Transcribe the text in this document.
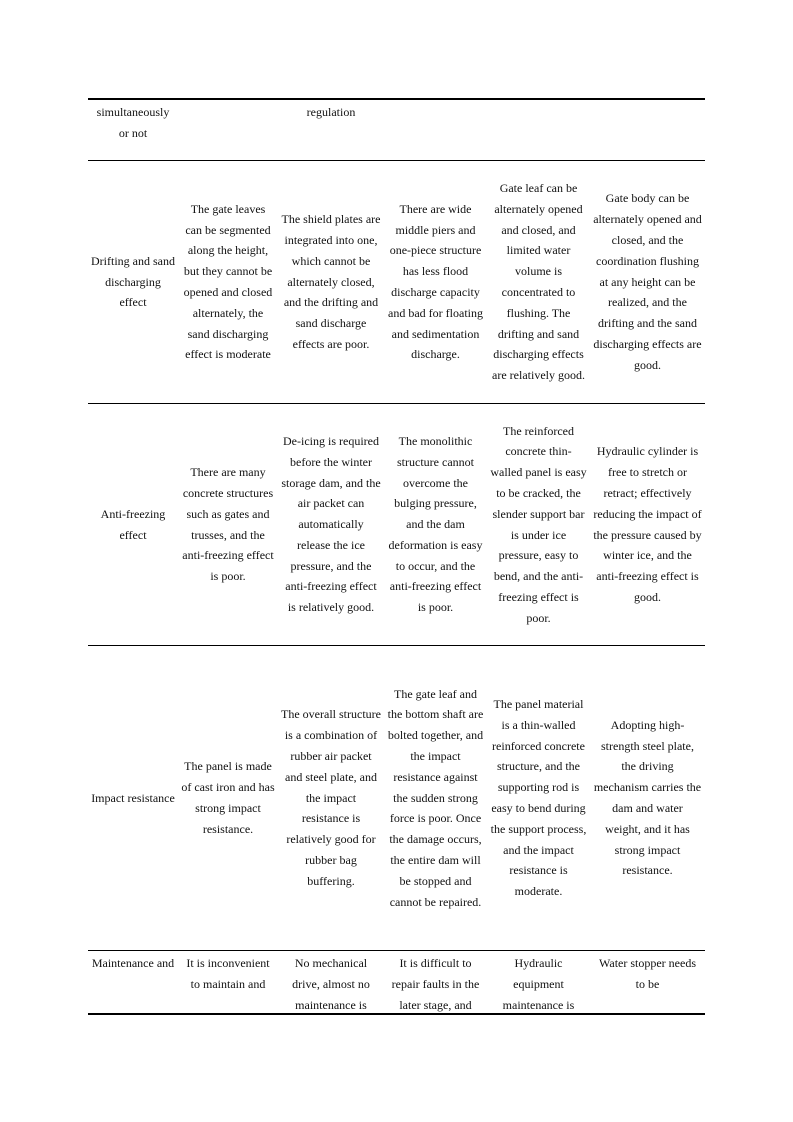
simultaneously or not
regulation
Drifting and sand discharging effect
The gate leaves can be segmented along the height, but they cannot be opened and closed alternately, the sand discharging effect is moderate
The shield plates are integrated into one, which cannot be alternately closed, and the drifting and sand discharge effects are poor.
There are wide middle piers and one-piece structure has less flood discharge capacity and bad for floating and sedimentation discharge.
Gate leaf can be alternately opened and closed, and limited water volume is concentrated to flushing. The drifting and sand discharging effects are relatively good.
Gate body can be alternately opened and closed, and the coordination flushing at any height can be realized, and the drifting and the sand discharging effects are good.
Anti-freezing effect
There are many concrete structures such as gates and trusses, and the anti-freezing effect is poor.
De-icing is required before the winter storage dam, and the air packet can automatically release the ice pressure, and the anti-freezing effect is relatively good.
The monolithic structure cannot overcome the bulging pressure, and the dam deformation is easy to occur, and the anti-freezing effect is poor.
The reinforced concrete thin-walled panel is easy to be cracked, the slender support bar is under ice pressure, easy to bend, and the anti-freezing effect is poor.
Hydraulic cylinder is free to stretch or retract; effectively reducing the impact of the pressure caused by winter ice, and the anti-freezing effect is good.
Impact resistance
The panel is made of cast iron and has strong impact resistance.
The overall structure is a combination of rubber air packet and steel plate, and the impact resistance is relatively good for rubber bag buffering.
The gate leaf and the bottom shaft are bolted together, and the impact resistance against the sudden strong force is poor. Once the damage occurs, the entire dam will be stopped and cannot be repaired.
The panel material is a thin-walled reinforced concrete structure, and the supporting rod is easy to bend during the support process, and the impact resistance is moderate.
Adopting high-strength steel plate, the driving mechanism carries the dam and water weight, and it has strong impact resistance.
Maintenance and	It is inconvenient to maintain and
No mechanical drive, almost no maintenance is
It is difficult to repair faults in the later stage, and
Hydraulic equipment maintenance is
Water stopper needs to be
